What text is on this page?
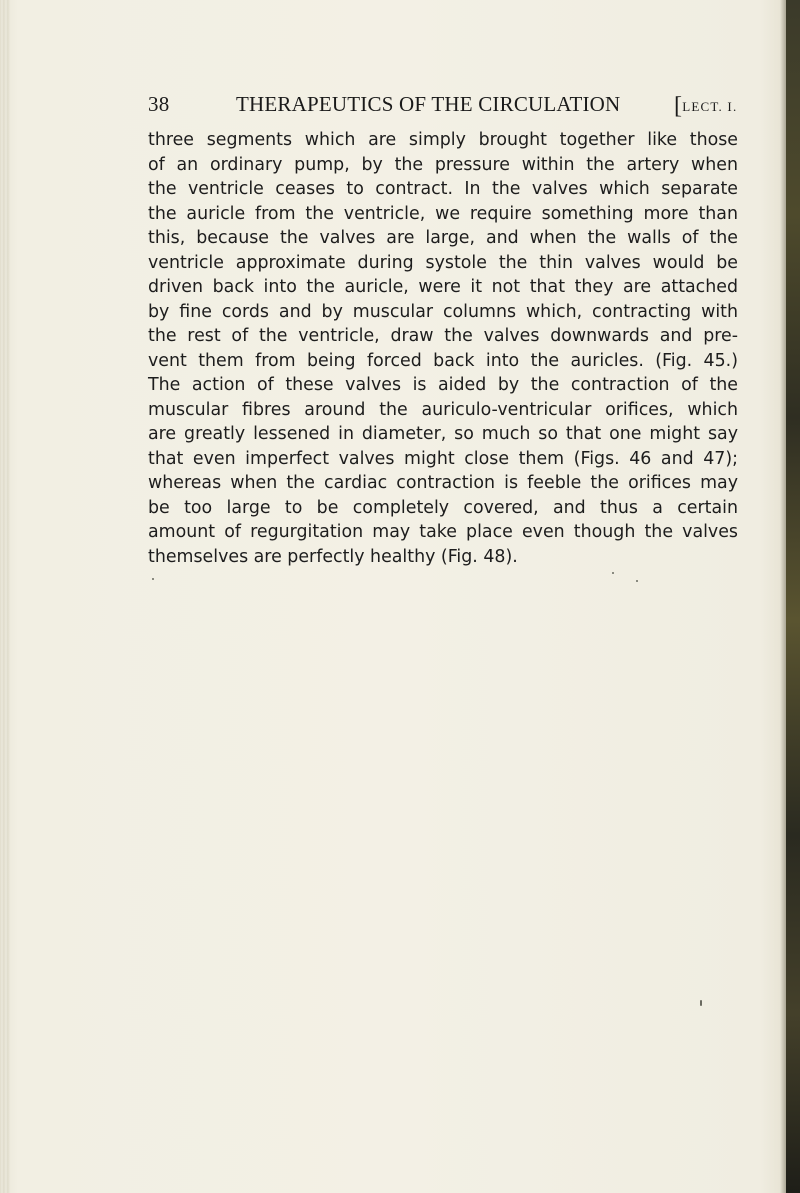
38	THERAPEUTICS OF THE CIRCULATION [LECT. I.
three segments which are simply brought together like those
of an ordinary pump, by the pressure within the artery when
the ventricle ceases to contract. In the valves which separate
the auricle from the ventricle, we require something more than
this, because the valves are large, and when the walls of the
ventricle approximate during systole the thin valves would be
driven back into the auricle, were it not that they are attached
by fine cords and by muscular columns which, contracting with
the rest of the ventricle, draw the valves downwards and pre-
vent them from being forced back into the auricles. (Fig. 45.)
The action of these valves is aided by the contraction of the
muscular fibres around the auriculo-ventricular orifices, which
are greatly lessened in diameter, so much so that one might say
that even imperfect valves might close them (Figs. 46 and 47);
whereas when the cardiac contraction is feeble the orifices may
be too large to be completely covered, and thus a certain
amount of regurgitation may take place even though the valves
themselves are perfectly healthy (Fig. 48).
